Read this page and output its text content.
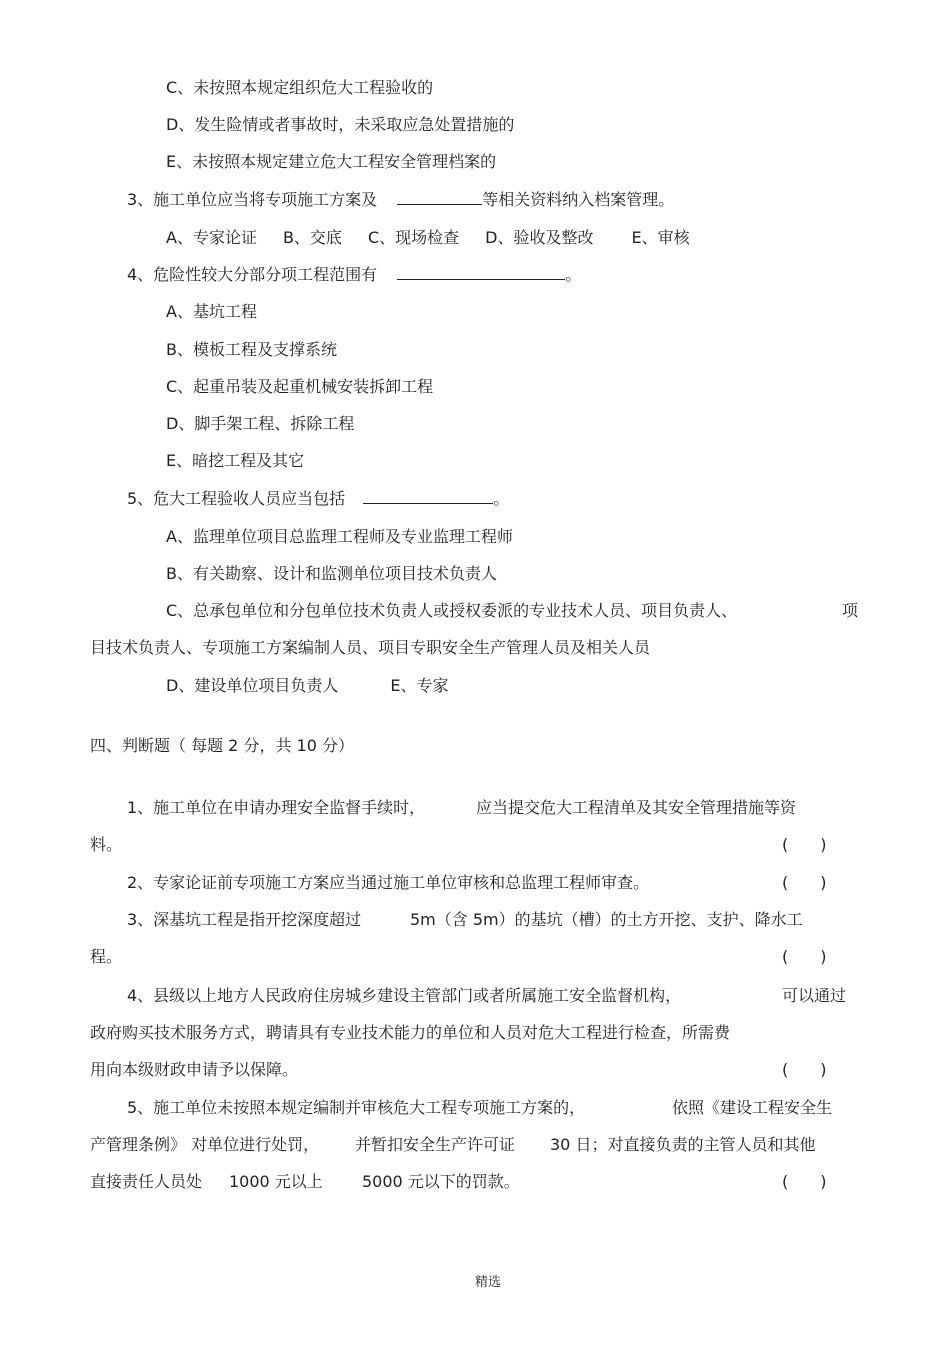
C、未按照本规定组织危大工程验收的
D、发生险情或者事故时，未采取应急处置措施的
E、未按照本规定建立危大工程安全管理档案的
3、施工单位应当将专项施工方案及	等相关资料纳入档案管理。
A、专家论证 B、交底 C、现场检查 D、验收及整改 E、审核
4、危险性较大分部分项工程范围有	。
A、基坑工程
B、模板工程及支撑系统
C、起重吊装及起重机械安装拆卸工程
D、脚手架工程、拆除工程
E、暗挖工程及其它
5、危大工程验收人员应当包括	。
A、监理单位项目总监理工程师及专业监理工程师
B、有关勘察、设计和监测单位项目技术负责人
C、总承包单位和分包单位技术负责人或授权委派的专业技术人员、项目负责人、	项
目技术负责人、专项施工方案编制人员、项目专职安全生产管理人员及相关人员
D、建设单位项目负责人	E、专家
四、判断题（ 每题 2 分，共 10 分）
1、施工单位在申请办理安全监督手续时，	应当提交危大工程清单及其安全管理措施等资
料。	(　　)
2、专家论证前专项施工方案应当通过施工单位审核和总监理工程师审查。	(　　)
3、深基坑工程是指开挖深度超过	5m（含 5m）的基坑（槽）的土方开挖、支护、降水工
程。	(　　)
4、县级以上地方人民政府住房城乡建设主管部门或者所属施工安全监督机构，	可以通过
政府购买技术服务方式，聘请具有专业技术能力的单位和人员对危大工程进行检查，所需费
用向本级财政申请予以保障。	(　　)
5、施工单位未按照本规定编制并审核危大工程专项施工方案的，	依照《建设工程安全生
产管理条例》 对单位进行处罚， 并暂扣安全生产许可证 30 日；对直接负责的主管人员和其他
直接责任人员处 1000 元以上 5000 元以下的罚款。	(　　)
精选
